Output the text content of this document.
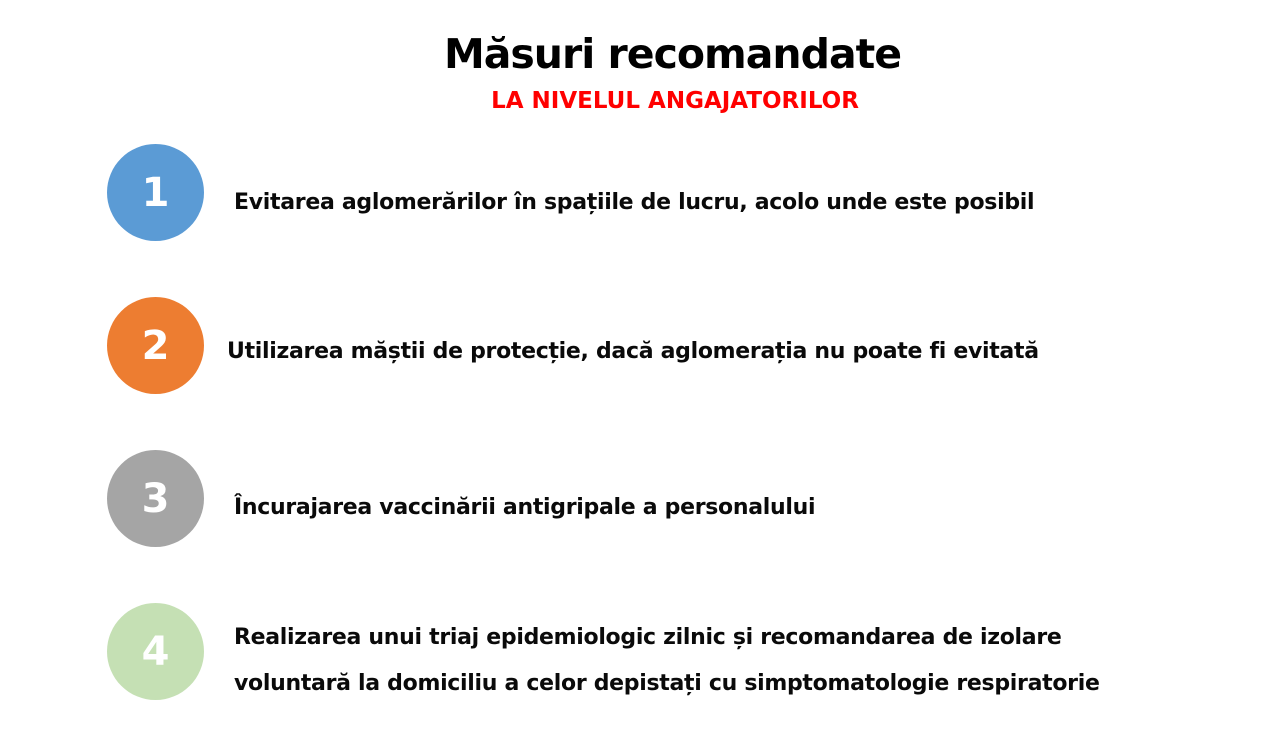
Măsuri recomandate
LA NIVELUL ANGAJATORILOR
1	Evitarea aglomerărilor în spațiile de lucru, acolo unde este posibil
2	Utilizarea măștii de protecție, dacă aglomerația nu poate fi evitată
3	Încurajarea vaccinării antigripale a personalului
4	Realizarea unui triaj epidemiologic zilnic și recomandarea de izolare
voluntară la domiciliu a celor depistați cu simptomatologie respiratorie
